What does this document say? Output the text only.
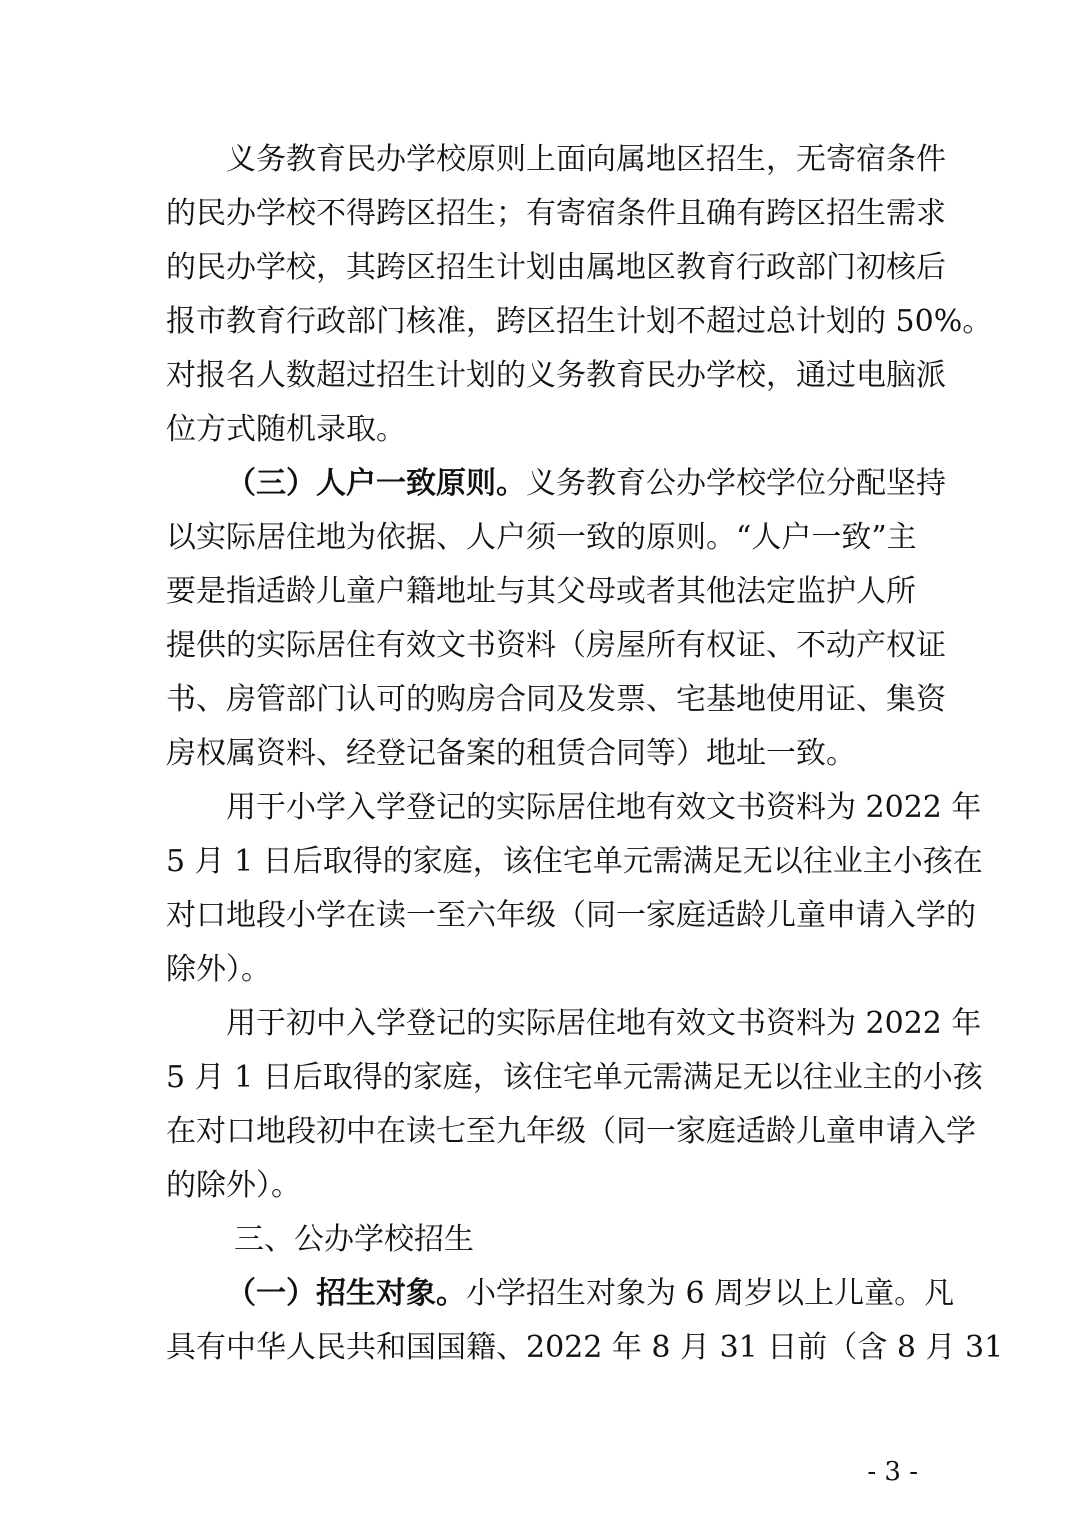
义务教育民办学校原则上面向属地区招生，无寄宿条件
的民办学校不得跨区招生；有寄宿条件且确有跨区招生需求
的民办学校，其跨区招生计划由属地区教育行政部门初核后
报市教育行政部门核准，跨区招生计划不超过总计划的 50%。
对报名人数超过招生计划的义务教育民办学校，通过电脑派
位方式随机录取。
（三）人户一致原则。义务教育公办学校学位分配坚持
以实际居住地为依据、人户须一致的原则。“人户一致”主
要是指适龄儿童户籍地址与其父母或者其他法定监护人所
提供的实际居住有效文书资料（房屋所有权证、不动产权证
书、房管部门认可的购房合同及发票、宅基地使用证、集资
房权属资料、经登记备案的租赁合同等）地址一致。
用于小学入学登记的实际居住地有效文书资料为 2022 年
5 月 1 日后取得的家庭，该住宅单元需满足无以往业主小孩在
对口地段小学在读一至六年级（同一家庭适龄儿童申请入学的
除外）。
用于初中入学登记的实际居住地有效文书资料为 2022 年
5 月 1 日后取得的家庭，该住宅单元需满足无以往业主的小孩
在对口地段初中在读七至九年级（同一家庭适龄儿童申请入学
的除外）。
三、公办学校招生
（一）招生对象。小学招生对象为 6 周岁以上儿童。凡
具有中华人民共和国国籍、2022 年 8 月 31 日前（含 8 月 31
- 3 -
